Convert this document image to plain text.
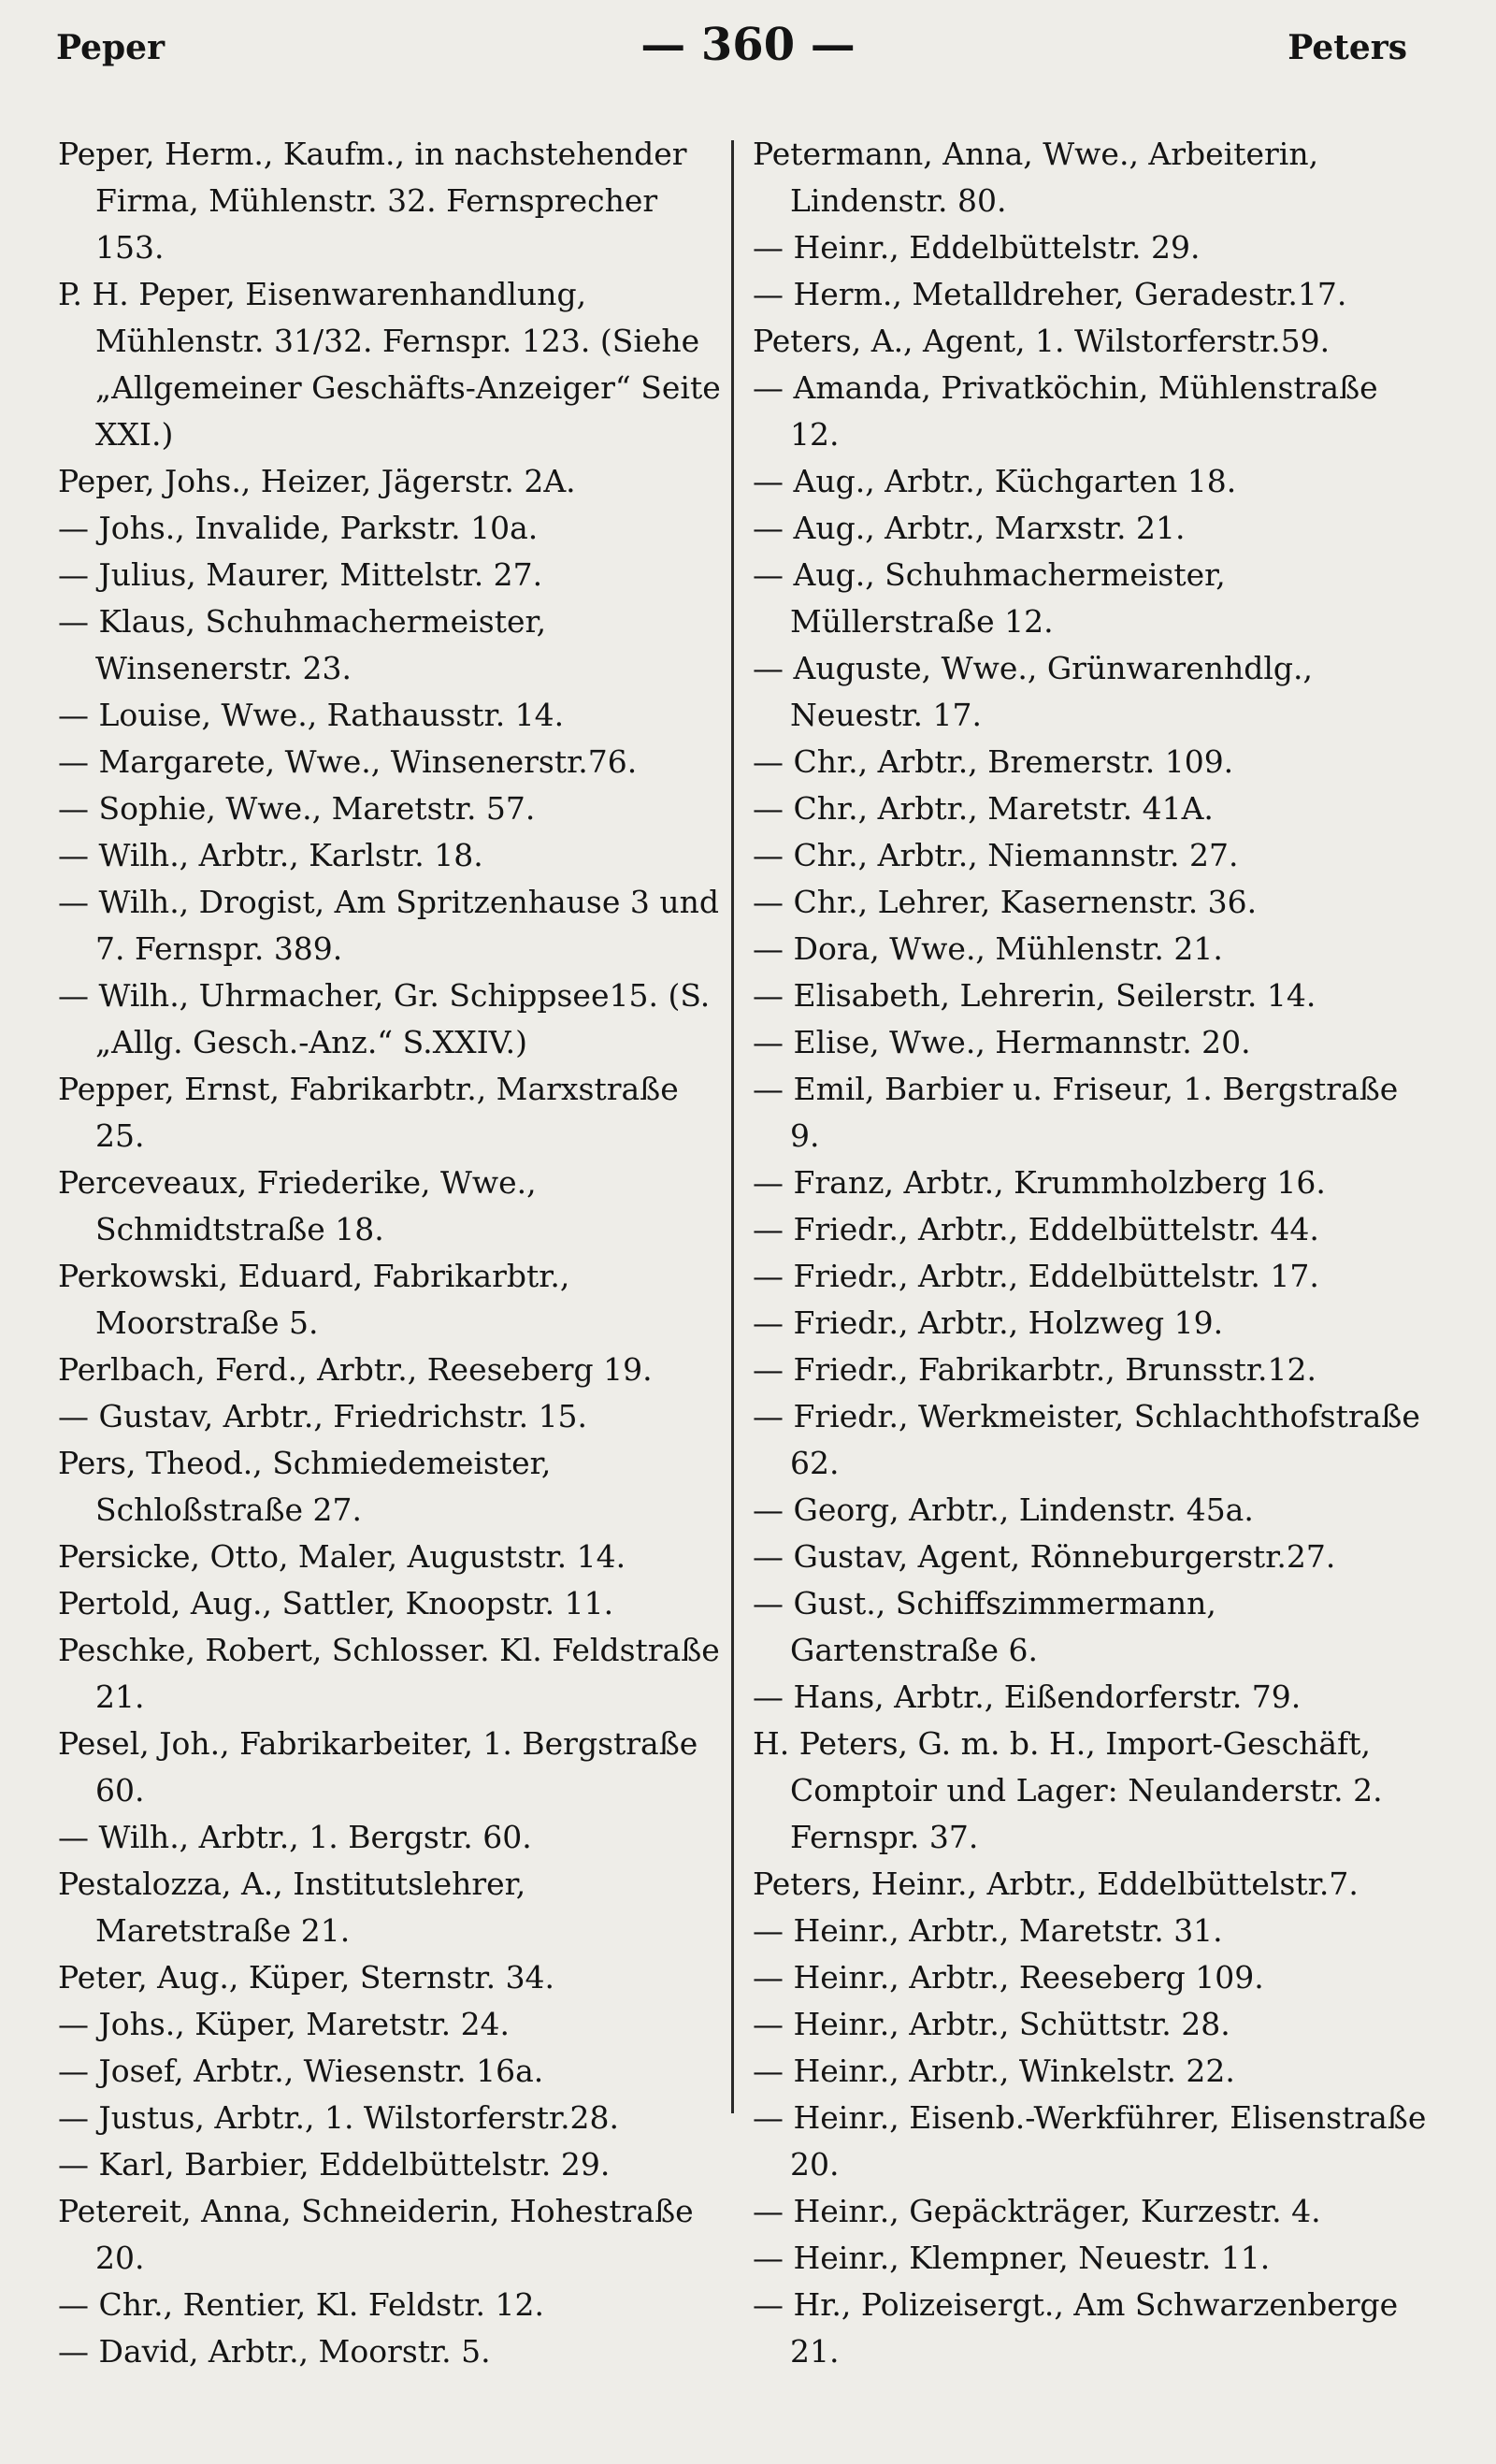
Peper	— 360 —	Peters

Peper, Herm., Kaufm., in nachstehender Firma, Mühlenstr. 32. Fernsprecher 153.

P. H. Peper, Eisenwarenhandlung, Mühlenstr. 31/32. Fernspr. 123. (Siehe „Allgemeiner Geschäfts-Anzeiger“ Seite XXI.)

Peper, Johs., Heizer, Jägerstr. 2A.

— Johs., Invalide, Parkstr. 10a.

— Julius, Maurer, Mittelstr. 27.

— Klaus, Schuhmachermeister, Winsenerstr. 23.

— Louise, Wwe., Rathausstr. 14.

— Margarete, Wwe., Winsenerstr.76.

— Sophie, Wwe., Maretstr. 57.

— Wilh., Arbtr., Karlstr. 18.

— Wilh., Drogist, Am Spritzenhause 3 und 7. Fernspr. 389.

— Wilh., Uhrmacher, Gr. Schippsee15. (S. „Allg. Gesch.-Anz.“ S.XXIV.)

Pepper, Ernst, Fabrikarbtr., Marxstraße 25.

Perceveaux, Friederike, Wwe., Schmidtstraße 18.

Perkowski, Eduard, Fabrikarbtr., Moorstraße 5.

Perlbach, Ferd., Arbtr., Reeseberg 19.

— Gustav, Arbtr., Friedrichstr. 15.

Pers, Theod., Schmiedemeister, Schloßstraße 27.

Persicke, Otto, Maler, Auguststr. 14.

Pertold, Aug., Sattler, Knoopstr. 11.

Peschke, Robert, Schlosser. Kl. Feldstraße 21.

Pesel, Joh., Fabrikarbeiter, 1. Bergstraße 60.

— Wilh., Arbtr., 1. Bergstr. 60.

Pestalozza, A., Institutslehrer, Maretstraße 21.

Peter, Aug., Küper, Sternstr. 34.

— Johs., Küper, Maretstr. 24.

— Josef, Arbtr., Wiesenstr. 16a.

— Justus, Arbtr., 1. Wilstorferstr.28.

— Karl, Barbier, Eddelbüttelstr. 29.

Petereit, Anna, Schneiderin, Hohestraße 20.

— Chr., Rentier, Kl. Feldstr. 12.

— David, Arbtr., Moorstr. 5.

Petermann, Anna, Wwe., Arbeiterin, Lindenstr. 80.

— Heinr., Eddelbüttelstr. 29.

— Herm., Metalldreher, Geradestr.17.

Peters, A., Agent, 1. Wilstorferstr.59.

— Amanda, Privatköchin, Mühlenstraße 12.

— Aug., Arbtr., Küchgarten 18.

— Aug., Arbtr., Marxstr. 21.

— Aug., Schuhmachermeister, Müllerstraße 12.

— Auguste, Wwe., Grünwarenhdlg., Neuestr. 17.

— Chr., Arbtr., Bremerstr. 109.

— Chr., Arbtr., Maretstr. 41A.

— Chr., Arbtr., Niemannstr. 27.

— Chr., Lehrer, Kasernenstr. 36.

— Dora, Wwe., Mühlenstr. 21.

— Elisabeth, Lehrerin, Seilerstr. 14.

— Elise, Wwe., Hermannstr. 20.

— Emil, Barbier u. Friseur, 1. Bergstraße 9.

— Franz, Arbtr., Krummholzberg 16.

— Friedr., Arbtr., Eddelbüttelstr. 44.

— Friedr., Arbtr., Eddelbüttelstr. 17.

— Friedr., Arbtr., Holzweg 19.

— Friedr., Fabrikarbtr., Brunsstr.12.

— Friedr., Werkmeister, Schlachthofstraße 62.

— Georg, Arbtr., Lindenstr. 45a.

— Gustav, Agent, Rönneburgerstr.27.

— Gust., Schiffszimmermann, Gartenstraße 6.

— Hans, Arbtr., Eißendorferstr. 79.

H. Peters, G. m. b. H., Import-Geschäft, Comptoir und Lager: Neulanderstr. 2. Fernspr. 37.

Peters, Heinr., Arbtr., Eddelbüttelstr.7.

— Heinr., Arbtr., Maretstr. 31.

— Heinr., Arbtr., Reeseberg 109.

— Heinr., Arbtr., Schüttstr. 28.

— Heinr., Arbtr., Winkelstr. 22.

— Heinr., Eisenb.-Werkführer, Elisenstraße 20.

— Heinr., Gepäckträger, Kurzestr. 4.

— Heinr., Klempner, Neuestr. 11.

— Hr., Polizeisergt., Am Schwarzenberge 21.
